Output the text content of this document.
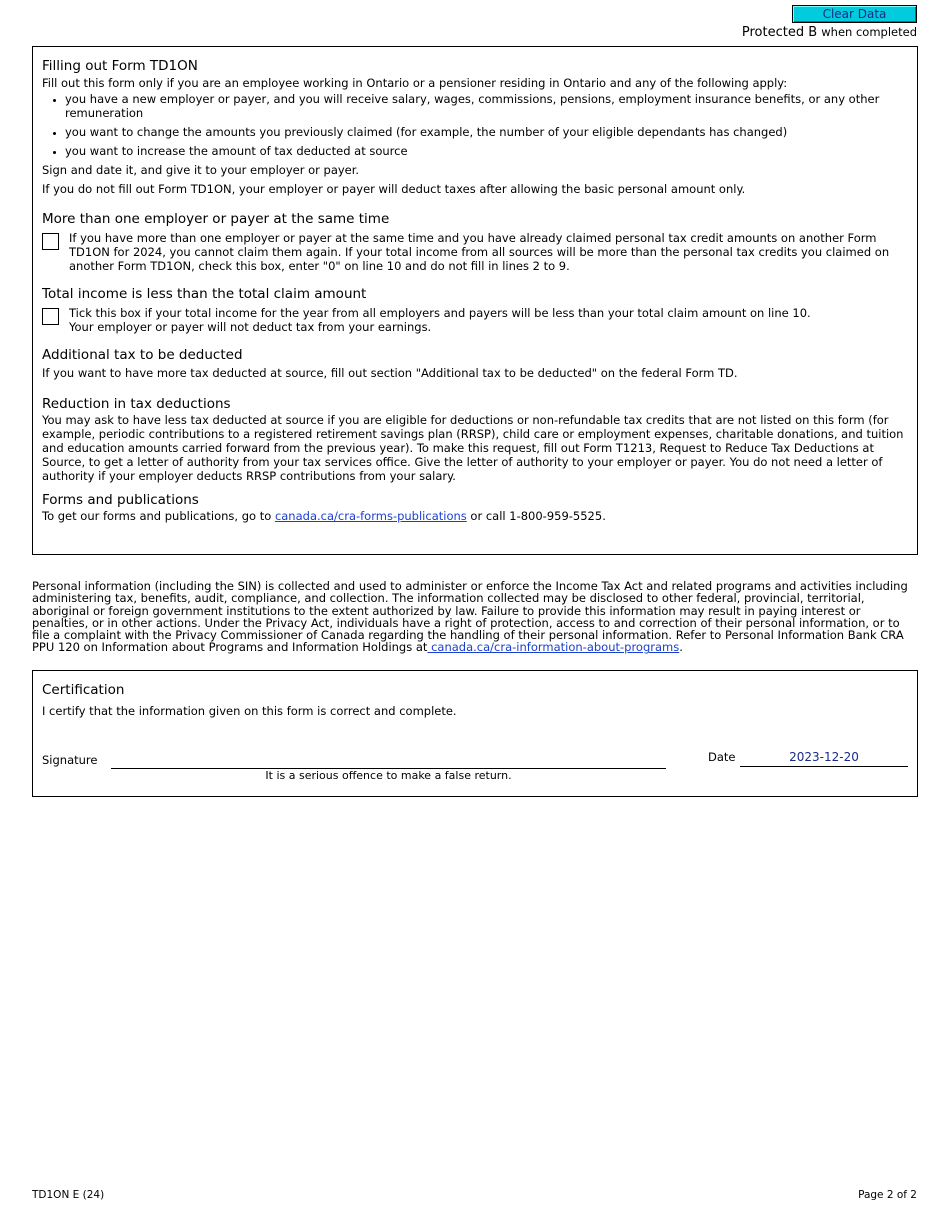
Clear Data
Protected B when completed
Filling out Form TD1ON

Fill out this form only if you are an employee working in Ontario or a pensioner residing in Ontario and any of the following apply:

• you have a new employer or payer, and you will receive salary, wages, commissions, pensions, employment insurance benefits, or any other remuneration
• you want to change the amounts you previously claimed (for example, the number of your eligible dependants has changed)
• you want to increase the amount of tax deducted at source

Sign and date it, and give it to your employer or payer.

If you do not fill out Form TD1ON, your employer or payer will deduct taxes after allowing the basic personal amount only.

More than one employer or payer at the same time
If you have more than one employer or payer at the same time and you have already claimed personal tax credit amounts on another Form TD1ON for 2024, you cannot claim them again. If your total income from all sources will be more than the personal tax credits you claimed on another Form TD1ON, check this box, enter "0" on line 10 and do not fill in lines 2 to 9.
Total income is less than the total claim amount
Tick this box if your total income for the year from all employers and payers will be less than your total claim amount on line 10.
Your employer or payer will not deduct tax from your earnings.
Additional tax to be deducted

If you want to have more tax deducted at source, fill out section "Additional tax to be deducted" on the federal Form TD.

Reduction in tax deductions

You may ask to have less tax deducted at source if you are eligible for deductions or non-refundable tax credits that are not listed on this form (for example, periodic contributions to a registered retirement savings plan (RRSP), child care or employment expenses, charitable donations, and tuition and education amounts carried forward from the previous year). To make this request, fill out Form T1213, Request to Reduce Tax Deductions at Source, to get a letter of authority from your tax services office. Give the letter of authority to your employer or payer. You do not need a letter of authority if your employer deducts RRSP contributions from your salary.

Forms and publications

To get our forms and publications, go to canada.ca/cra-forms-publications or call 1-800-959-5525.

Personal information (including the SIN) is collected and used to administer or enforce the Income Tax Act and related programs and activities including administering tax, benefits, audit, compliance, and collection. The information collected may be disclosed to other federal, provincial, territorial, aboriginal or foreign government institutions to the extent authorized by law. Failure to provide this information may result in paying interest or penalties, or in other actions. Under the Privacy Act, individuals have a right of protection, access to and correction of their personal information, or to file a complaint with the Privacy Commissioner of Canada regarding the handling of their personal information. Refer to Personal Information Bank CRA PPU 120 on Information about Programs and Information Holdings at canada.ca/cra-information-about-programs.

Certification

I certify that the information given on this form is correct and complete.

Signature
It is a serious offence to make a false return.
Date
2023-12-20
TD1ON E (24)	Page 2 of 2
